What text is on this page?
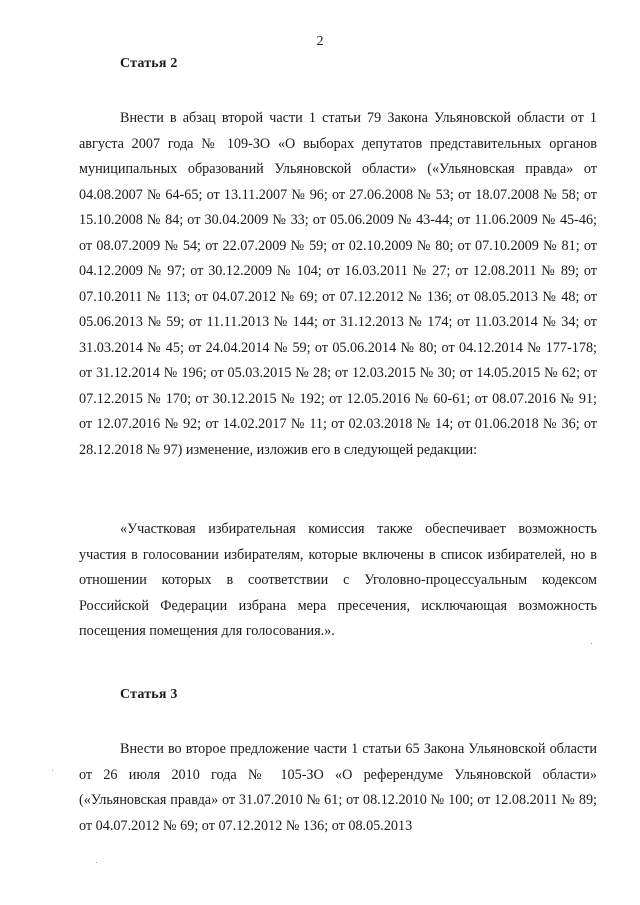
2
Статья 2
Внести в абзац второй части 1 статьи 79 Закона Ульяновской области от 1 августа 2007 года № 109-ЗО «О выборах депутатов представительных органов муниципальных образований Ульяновской области» («Ульяновская правда» от 04.08.2007 № 64-65; от 13.11.2007 № 96; от 27.06.2008 № 53; от 18.07.2008 № 58; от 15.10.2008 № 84; от 30.04.2009 № 33; от 05.06.2009 № 43-44; от 11.06.2009 № 45-46; от 08.07.2009 № 54; от 22.07.2009 № 59; от 02.10.2009 № 80; от 07.10.2009 № 81; от 04.12.2009 № 97; от 30.12.2009 № 104; от 16.03.2011 № 27; от 12.08.2011 № 89; от 07.10.2011 № 113; от 04.07.2012 № 69; от 07.12.2012 № 136; от 08.05.2013 № 48; от 05.06.2013 № 59; от 11.11.2013 № 144; от 31.12.2013 № 174; от 11.03.2014 № 34; от 31.03.2014 № 45; от 24.04.2014 № 59; от 05.06.2014 № 80; от 04.12.2014 № 177-178; от 31.12.2014 № 196; от 05.03.2015 № 28; от 12.03.2015 № 30; от 14.05.2015 № 62; от 07.12.2015 № 170; от 30.12.2015 № 192; от 12.05.2016 № 60-61; от 08.07.2016 № 91; от 12.07.2016 № 92; от 14.02.2017 № 11; от 02.03.2018 № 14; от 01.06.2018 № 36; от 28.12.2018 № 97) изменение, изложив его в следующей редакции:
«Участковая избирательная комиссия также обеспечивает возможность участия в голосовании избирателям, которые включены в список избирателей, но в отношении которых в соответствии с Уголовно-процессуальным кодексом Российской Федерации избрана мера пресечения, исключающая возможность посещения помещения для голосования.».
Статья 3
Внести во второе предложение части 1 статьи 65 Закона Ульяновской области от 26 июля 2010 года № 105-ЗО «О референдуме Ульяновской области» («Ульяновская правда» от 31.07.2010 № 61; от 08.12.2010 № 100; от 12.08.2011 № 89; от 04.07.2012 № 69; от 07.12.2012 № 136; от 08.05.2013
